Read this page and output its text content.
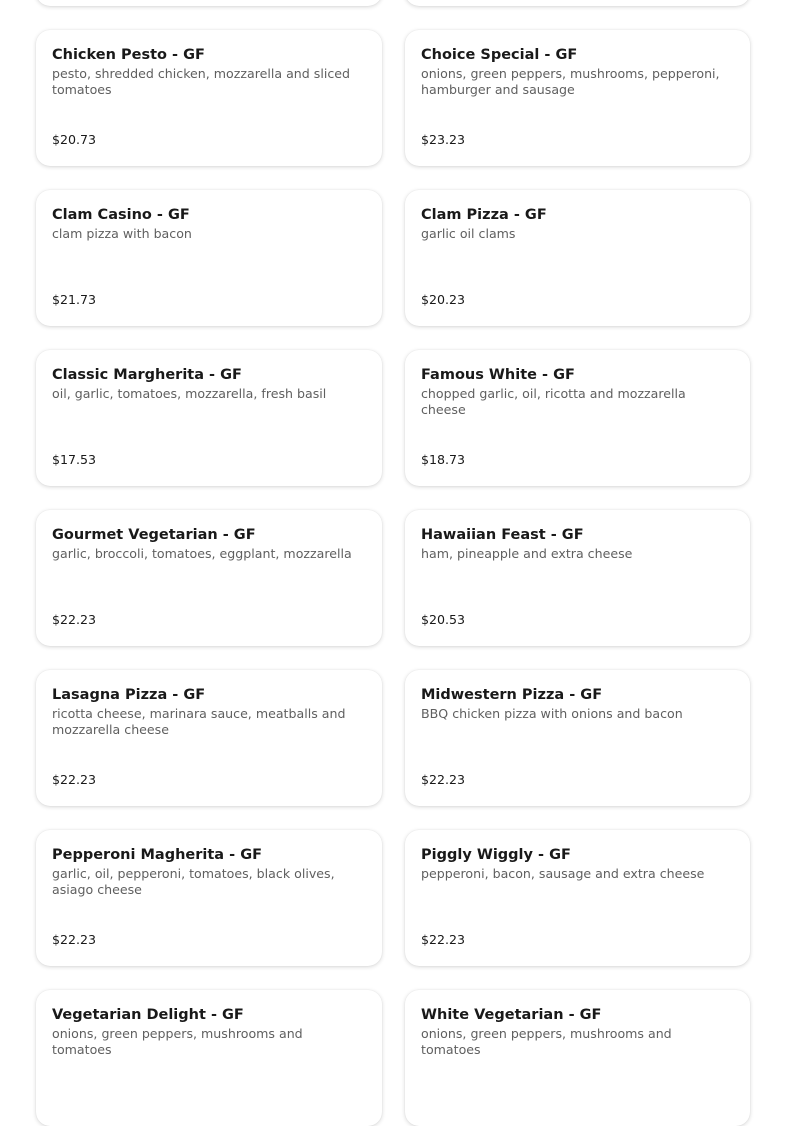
Chicken Pesto - GF
pesto, shredded chicken, mozzarella and sliced tomatoes
$20.73
Choice Special - GF
onions, green peppers, mushrooms, pepperoni, hamburger and sausage
$23.23
Clam Casino - GF
clam pizza with bacon
$21.73
Clam Pizza - GF
garlic oil clams
$20.23
Classic Margherita - GF
oil, garlic, tomatoes, mozzarella, fresh basil
$17.53
Famous White - GF
chopped garlic, oil, ricotta and mozzarella cheese
$18.73
Gourmet Vegetarian - GF
garlic, broccoli, tomatoes, eggplant, mozzarella
$22.23
Hawaiian Feast - GF
ham, pineapple and extra cheese
$20.53
Lasagna Pizza - GF
ricotta cheese, marinara sauce, meatballs and mozzarella cheese
$22.23
Midwestern Pizza - GF
BBQ chicken pizza with onions and bacon
$22.23
Pepperoni Magherita - GF
garlic, oil, pepperoni, tomatoes, black olives, asiago cheese
$22.23
Piggly Wiggly - GF
pepperoni, bacon, sausage and extra cheese
$22.23
Vegetarian Delight - GF
onions, green peppers, mushrooms and tomatoes
White Vegetarian - GF
onions, green peppers, mushrooms and tomatoes
